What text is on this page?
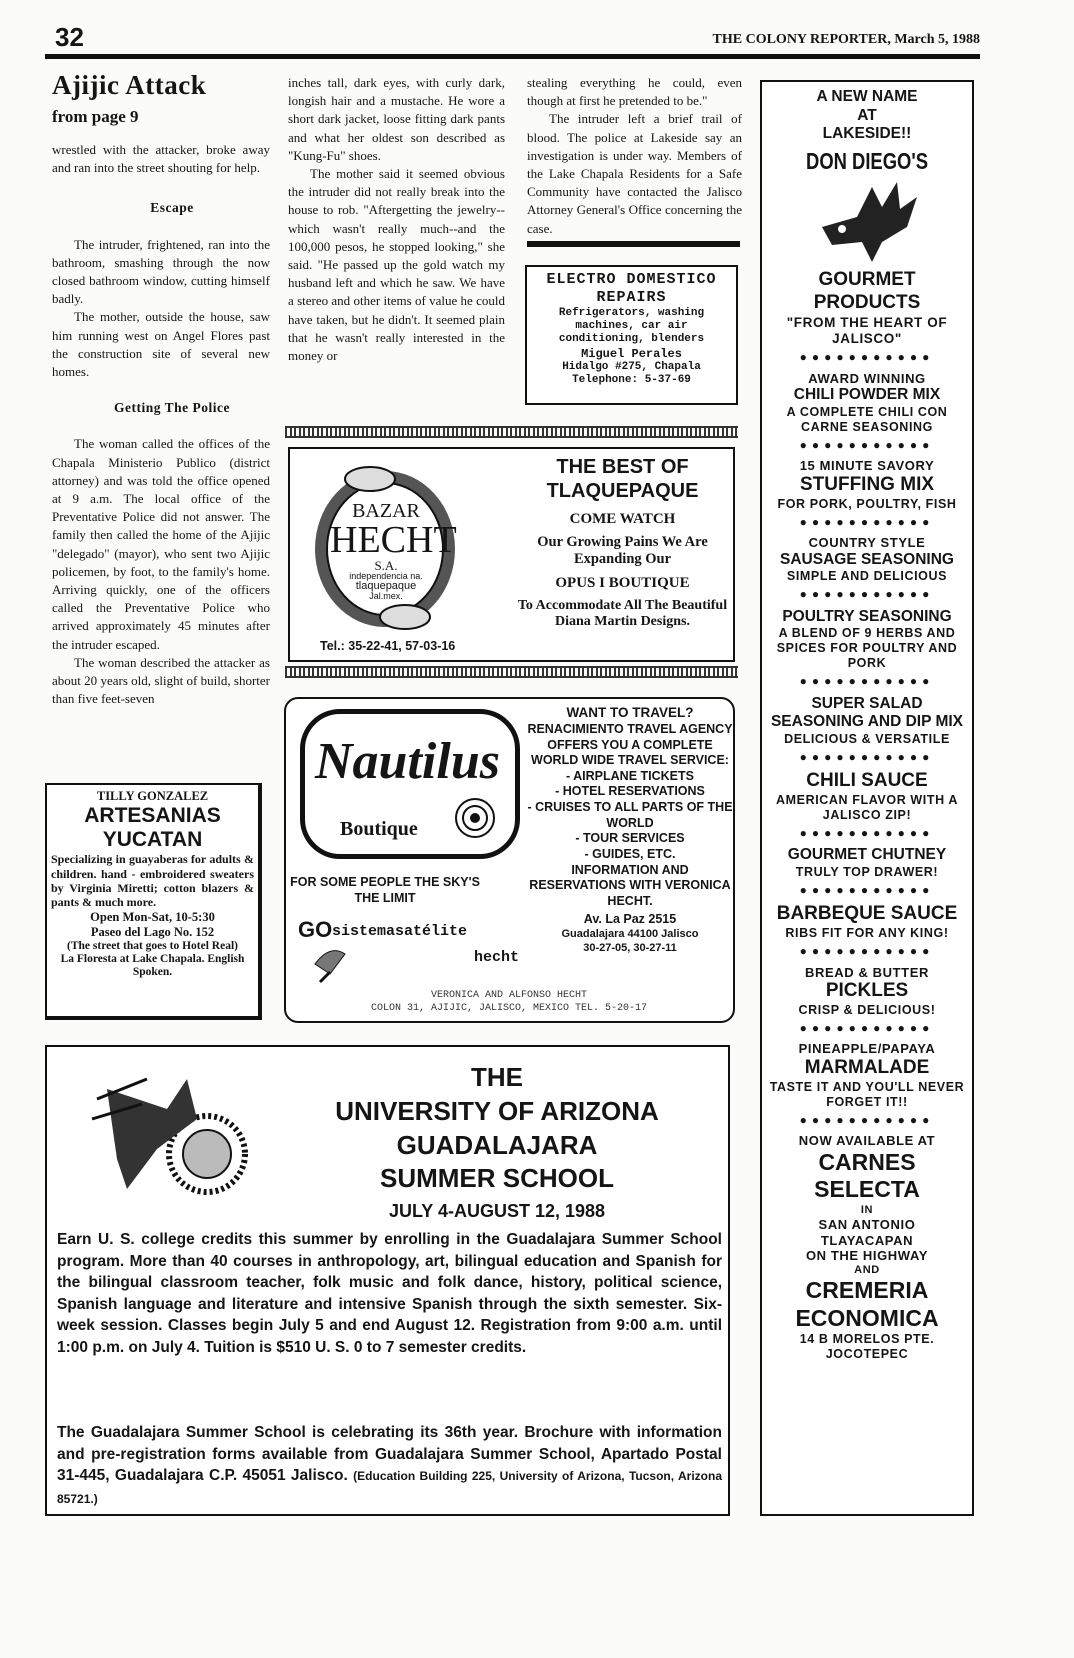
32	THE COLONY REPORTER, March 5, 1988
Ajijic Attack
from page 9

wrestled with the attacker, broke away and ran into the street shouting for help.

Escape

The intruder, frightened, ran into the bathroom, smashing through the now closed bathroom window, cutting himself badly.

The mother, outside the house, saw him running west on Angel Flores past the construction site of several new homes.

Getting The Police

The woman called the offices of the Chapala Ministerio Publico (district attorney) and was told the office opened at 9 a.m. The local office of the Preventative Police did not answer. The family then called the home of the Ajijic "delegado" (mayor), who sent two Ajijic policemen, by foot, to the family's home. Arriving quickly, one of the officers called the Preventative Police who arrived approximately 45 minutes after the intruder escaped.

The woman described the attacker as about 20 years old, slight of build, shorter than five feet-seven

inches tall, dark eyes, with curly dark, longish hair and a mustache. He wore a short dark jacket, loose fitting dark pants and what her oldest son described as "Kung-Fu" shoes.

The mother said it seemed obvious the intruder did not really break into the house to rob. "Aftergetting the jewelry--which wasn't really much--and the 100,000 pesos, he stopped looking," she said. "He passed up the gold watch my husband left and which he saw. We have a stereo and other items of value he could have taken, but he didn't. It seemed plain that he wasn't really interested in the money or

stealing everything he could, even though at first he pretended to be."

The intruder left a brief trail of blood. The police at Lakeside say an investigation is under way. Members of the Lake Chapala Residents for a Safe Community have contacted the Jalisco Attorney General's Office concerning the case.

ELECTRO DOMESTICO
REPAIRS
Refrigerators, washing machines, car air conditioning, blenders
Miguel Perales
Hidalgo #275, Chapala
Telephone: 5-37-69
BAZAR
HECHT
S.A.
independencia na.
tlaquepaque
Jal.mex.
Tel.: 35-22-41, 57-03-16
THE BEST OF TLAQUEPAQUE
COME WATCH
Our Growing Pains We Are Expanding Our
OPUS I BOUTIQUE
To Accommodate All The Beautiful Diana Martin Designs.
Nautilus
Boutique
FOR SOME PEOPLE THE SKY'S THE LIMIT
GO sistemasatélite
hecht
WANT TO TRAVEL?
RENACIMIENTO TRAVEL AGENCY OFFERS YOU A COMPLETE WORLD WIDE TRAVEL SERVICE:
- AIRPLANE TICKETS
- HOTEL RESERVATIONS
- CRUISES TO ALL PARTS OF THE WORLD
- TOUR SERVICES
- GUIDES, ETC.
INFORMATION AND RESERVATIONS WITH VERONICA HECHT.
Av. La Paz 2515
Guadalajara 44100 Jalisco
30-27-05, 30-27-11
VERONICA AND ALFONSO HECHT
COLON 31, AJIJIC, JALISCO, MEXICO TEL. 5-20-17
TILLY GONZALEZ
ARTESANIAS
YUCATAN
Specializing in guayaberas for adults & children. hand - embroidered sweaters by Virginia Miretti; cotton blazers & pants & much more.
Open Mon-Sat, 10-5:30
Paseo del Lago No. 152
(The street that goes to Hotel Real)
La Floresta at Lake Chapala. English Spoken.
A NEW NAME
AT
LAKESIDE!!
DON DIEGO'S
GOURMET PRODUCTS
"FROM THE HEART OF JALISCO"
●●●●●●●●●●●
AWARD WINNING
CHILI POWDER MIX
A COMPLETE CHILI CON CARNE SEASONING
●●●●●●●●●●●
15 MINUTE SAVORY
STUFFING MIX
FOR PORK, POULTRY, FISH
●●●●●●●●●●●
COUNTRY STYLE
SAUSAGE SEASONING
SIMPLE AND DELICIOUS
●●●●●●●●●●●
POULTRY SEASONING
A BLEND OF 9 HERBS AND SPICES FOR POULTRY AND PORK
●●●●●●●●●●●
SUPER SALAD SEASONING AND DIP MIX
DELICIOUS & VERSATILE
●●●●●●●●●●●
CHILI SAUCE
AMERICAN FLAVOR WITH A JALISCO ZIP!
●●●●●●●●●●●
GOURMET CHUTNEY
TRULY TOP DRAWER!
●●●●●●●●●●●
BARBEQUE SAUCE
RIBS FIT FOR ANY KING!
●●●●●●●●●●●
BREAD & BUTTER
PICKLES
CRISP & DELICIOUS!
●●●●●●●●●●●
PINEAPPLE/PAPAYA
MARMALADE
TASTE IT AND YOU'LL NEVER FORGET IT!!
●●●●●●●●●●●
NOW AVAILABLE AT
CARNES SELECTA
IN
SAN ANTONIO TLAYACAPAN
ON THE HIGHWAY
AND
CREMERIA ECONOMICA
14 B MORELOS PTE.
JOCOTEPEC
THE
UNIVERSITY OF ARIZONA
GUADALAJARA
SUMMER SCHOOL
JULY 4-AUGUST 12, 1988
Earn U. S. college credits this summer by enrolling in the Guadalajara Summer School program. More than 40 courses in anthropology, art, bilingual education and Spanish for the bilingual classroom teacher, folk music and folk dance, history, political science, Spanish language and literature and intensive Spanish through the sixth semester. Six-week session. Classes begin July 5 and end August 12. Registration from 9:00 a.m. until 1:00 p.m. on July 4. Tuition is $510 U. S. 0 to 7 semester credits.
The Guadalajara Summer School is celebrating its 36th year. Brochure with information and pre-registration forms available from Guadalajara Summer School, Apartado Postal 31-445, Guadalajara C.P. 45051 Jalisco. (Education Building 225, University of Arizona, Tucson, Arizona 85721.)
